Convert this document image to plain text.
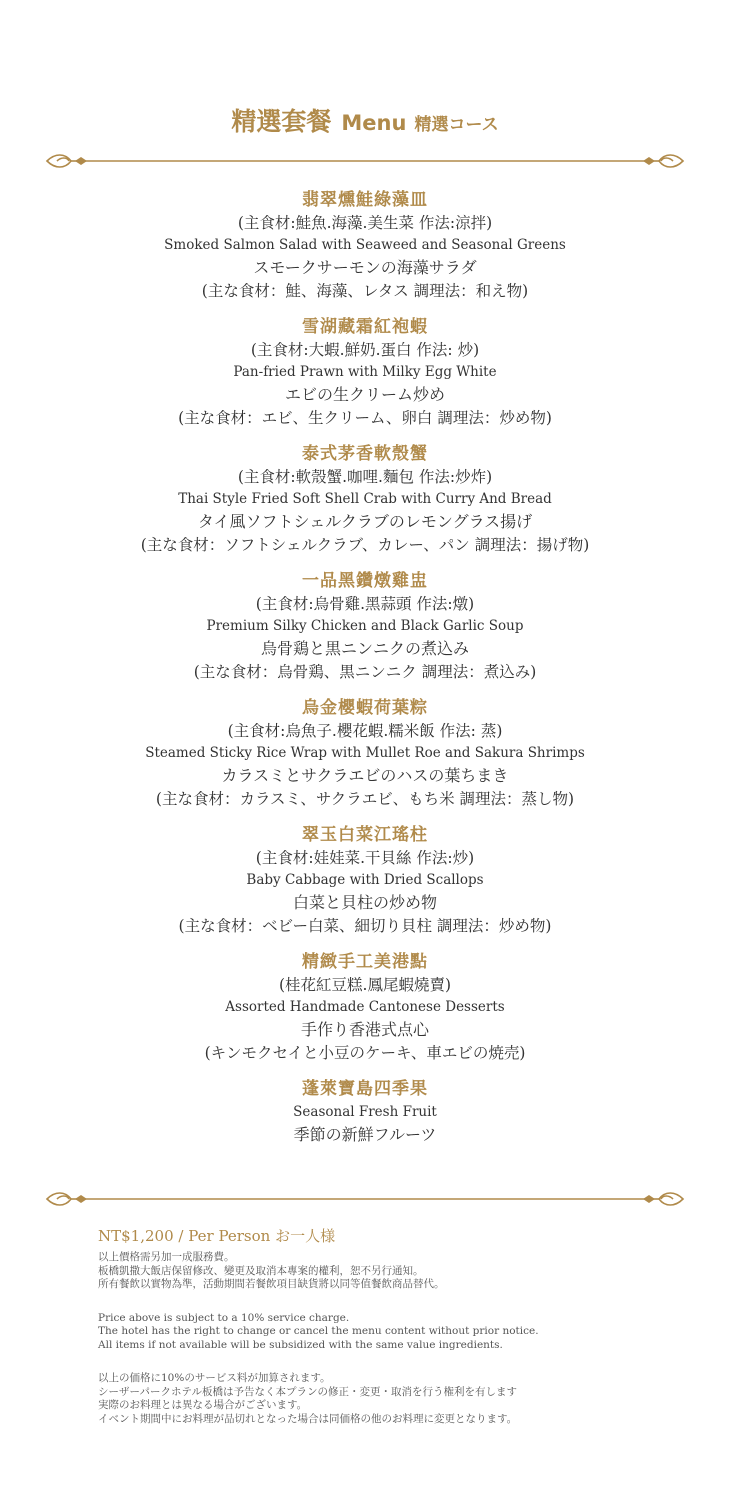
精選套餐 Menu 精選コース
翡翠燻鮭綠藻皿
(主食材:鮭魚.海藻.美生菜 作法:涼拌)
Smoked Salmon Salad with Seaweed and Seasonal Greens
スモークサーモンの海藻サラダ
(主な食材：鮭、海藻、レタス 調理法：和え物)
雪湖藏霜紅袍蝦
(主食材:大蝦.鮮奶.蛋白 作法: 炒)
Pan-fried Prawn with Milky Egg White
エビの生クリーム炒め
(主な食材：エビ、生クリーム、卵白 調理法：炒め物)
泰式茅香軟殼蟹
(主食材:軟殼蟹.咖哩.麵包 作法:炒炸)
Thai Style Fried Soft Shell Crab with Curry And Bread
タイ風ソフトシェルクラブのレモングラス揚げ
(主な食材：ソフトシェルクラブ、カレー、パン 調理法：揚げ物)
一品黑鑽燉雞盅
(主食材:烏骨雞.黑蒜頭 作法:燉)
Premium Silky Chicken and Black Garlic Soup
烏骨鶏と黒ニンニクの煮込み
(主な食材：烏骨鶏、黒ニンニク 調理法：煮込み)
烏金櫻蝦荷葉粽
(主食材:烏魚子.櫻花蝦.糯米飯 作法: 蒸)
Steamed Sticky Rice Wrap with Mullet Roe and Sakura Shrimps
カラスミとサクラエビのハスの葉ちまき
(主な食材：カラスミ、サクラエビ、もち米 調理法：蒸し物)
翠玉白菜江瑤柱
(主食材:娃娃菜.干貝絲 作法:炒)
Baby Cabbage with Dried Scallops
白菜と貝柱の炒め物
(主な食材：ベビー白菜、細切り貝柱 調理法：炒め物)
精緻手工美港點
(桂花紅豆糕.鳳尾蝦燒賣)
Assorted Handmade Cantonese Desserts
手作り香港式点心
(キンモクセイと小豆のケーキ、車エビの焼売)
蓬萊寶島四季果
Seasonal Fresh Fruit
季節の新鮮フルーツ
NT$1,200 / Per Person お一人様
以上價格需另加一成服務費。
板橋凱撒大飯店保留修改、變更及取消本專案的權利，恕不另行通知。
所有餐飲以實物為準，活動期間若餐飲項目缺貨將以同等值餐飲商品替代。
Price above is subject to a 10% service charge.
The hotel has the right to change or cancel the menu content without prior notice.
All items if not available will be subsidized with the same value ingredients.
以上の価格に10%のサービス料が加算されます。
シーザーパークホテル板橋は予告なく本プランの修正・変更・取消を行う権利を有します
実際のお料理とは異なる場合がございます。
イベント期間中にお料理が品切れとなった場合は同価格の他のお料理に変更となります。
